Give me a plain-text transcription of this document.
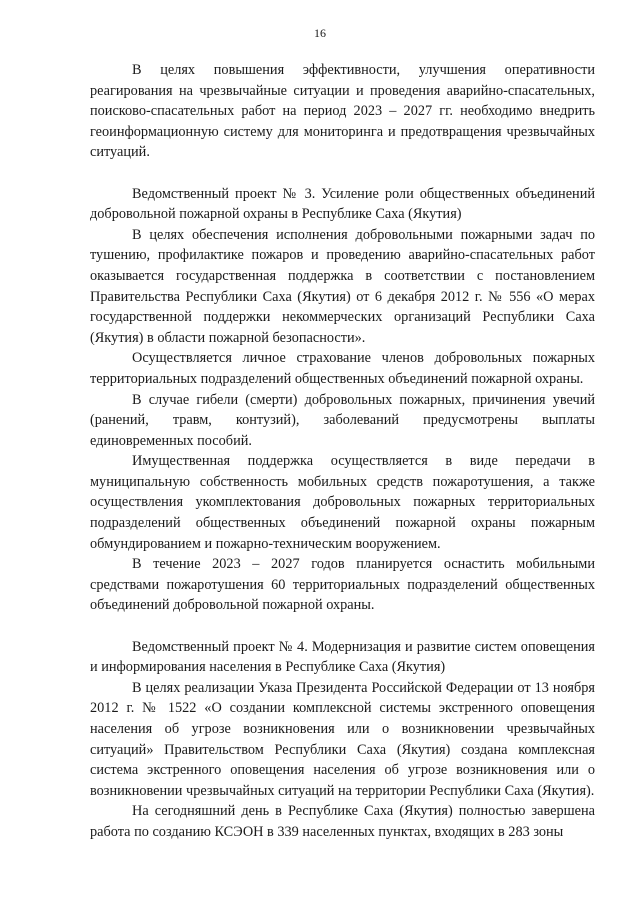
16

В целях повышения эффективности, улучшения оперативности реагирования на чрезвычайные ситуации и проведения аварийно-спасательных, поисково-спасательных работ на период 2023 – 2027 гг. необходимо внедрить геоинформационную систему для мониторинга и предотвращения чрезвычайных ситуаций.

Ведомственный проект № 3. Усиление роли общественных объединений добровольной пожарной охраны в Республике Саха (Якутия)

В целях обеспечения исполнения добровольными пожарными задач по тушению, профилактике пожаров и проведению аварийно-спасательных работ оказывается государственная поддержка в соответствии с постановлением Правительства Республики Саха (Якутия) от 6 декабря 2012 г. № 556 «О мерах государственной поддержки некоммерческих организаций Республики Саха (Якутия) в области пожарной безопасности».

Осуществляется личное страхование членов добровольных пожарных территориальных подразделений общественных объединений пожарной охраны.

В случае гибели (смерти) добровольных пожарных, причинения увечий (ранений, травм, контузий), заболеваний предусмотрены выплаты единовременных пособий.

Имущественная поддержка осуществляется в виде передачи в муниципальную собственность мобильных средств пожаротушения, а также осуществления укомплектования добровольных пожарных территориальных подразделений общественных объединений пожарной охраны пожарным обмундированием и пожарно-техническим вооружением.

В течение 2023 – 2027 годов планируется оснастить мобильными средствами пожаротушения 60 территориальных подразделений общественных объединений добровольной пожарной охраны.

Ведомственный проект № 4. Модернизация и развитие систем оповещения и информирования населения в Республике Саха (Якутия)

В целях реализации Указа Президента Российской Федерации от 13 ноября 2012 г. № 1522 «О создании комплексной системы экстренного оповещения населения об угрозе возникновения или о возникновении чрезвычайных ситуаций» Правительством Республики Саха (Якутия) создана комплексная система экстренного оповещения населения об угрозе возникновения или о возникновении чрезвычайных ситуаций на территории Республики Саха (Якутия).

На сегодняшний день в Республике Саха (Якутия) полностью завершена работа по созданию КСЭОН в 339 населенных пунктах, входящих в 283 зоны
